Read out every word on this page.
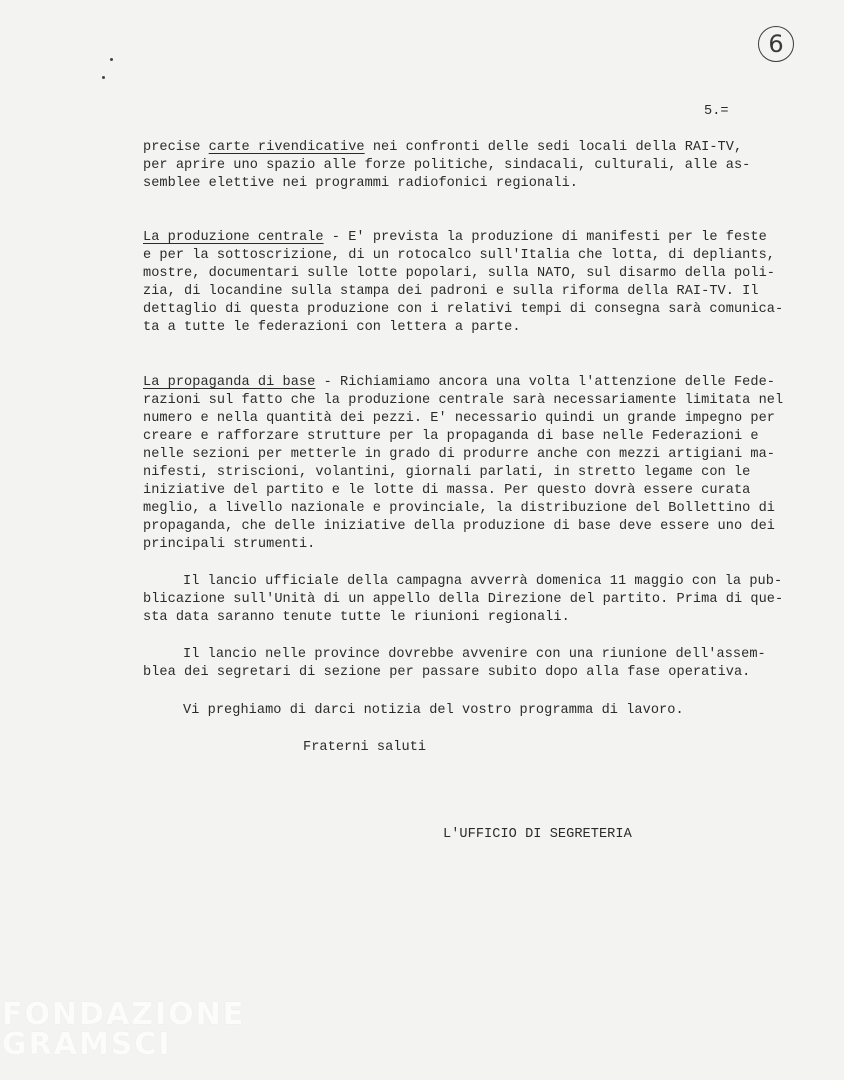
6
5.=
precise carte rivendicative nei confronti delle sedi locali della RAI-TV,
per aprire uno spazio alle forze politiche, sindacali, culturali, alle as-
semblee elettive nei programmi radiofonici regionali.
La produzione centrale - E' prevista la produzione di manifesti per le feste
e per la sottoscrizione, di un rotocalco sull'Italia che lotta, di depliants,
mostre, documentari sulle lotte popolari, sulla NATO, sul disarmo della poli-
zia, di locandine sulla stampa dei padroni e sulla riforma della RAI-TV. Il
dettaglio di questa produzione con i relativi tempi di consegna sarà comunica-
ta a tutte le federazioni con lettera a parte.
La propaganda di base - Richiamiamo ancora una volta l'attenzione delle Fede-
razioni sul fatto che la produzione centrale sarà necessariamente limitata nel
numero e nella quantità dei pezzi. E' necessario quindi un grande impegno per
creare e rafforzare strutture per la propaganda di base nelle Federazioni e
nelle sezioni per metterle in grado di produrre anche con mezzi artigiani ma-
nifesti, striscioni, volantini, giornali parlati, in stretto legame con le
iniziative del partito e le lotte di massa. Per questo dovrà essere curata
meglio, a livello nazionale e provinciale, la distribuzione del Bollettino di
propaganda, che delle iniziative della produzione di base deve essere uno dei
principali strumenti.
Il lancio ufficiale della campagna avverrà domenica 11 maggio con la pub-
blicazione sull'Unità di un appello della Direzione del partito. Prima di que-
sta data saranno tenute tutte le riunioni regionali.
Il lancio nelle province dovrebbe avvenire con una riunione dell'assem-
blea dei segretari di sezione per passare subito dopo alla fase operativa.
Vi preghiamo di darci notizia del vostro programma di lavoro.
Fraterni saluti
L'UFFICIO DI SEGRETERIA
FONDAZIONE
GRAMSCI
